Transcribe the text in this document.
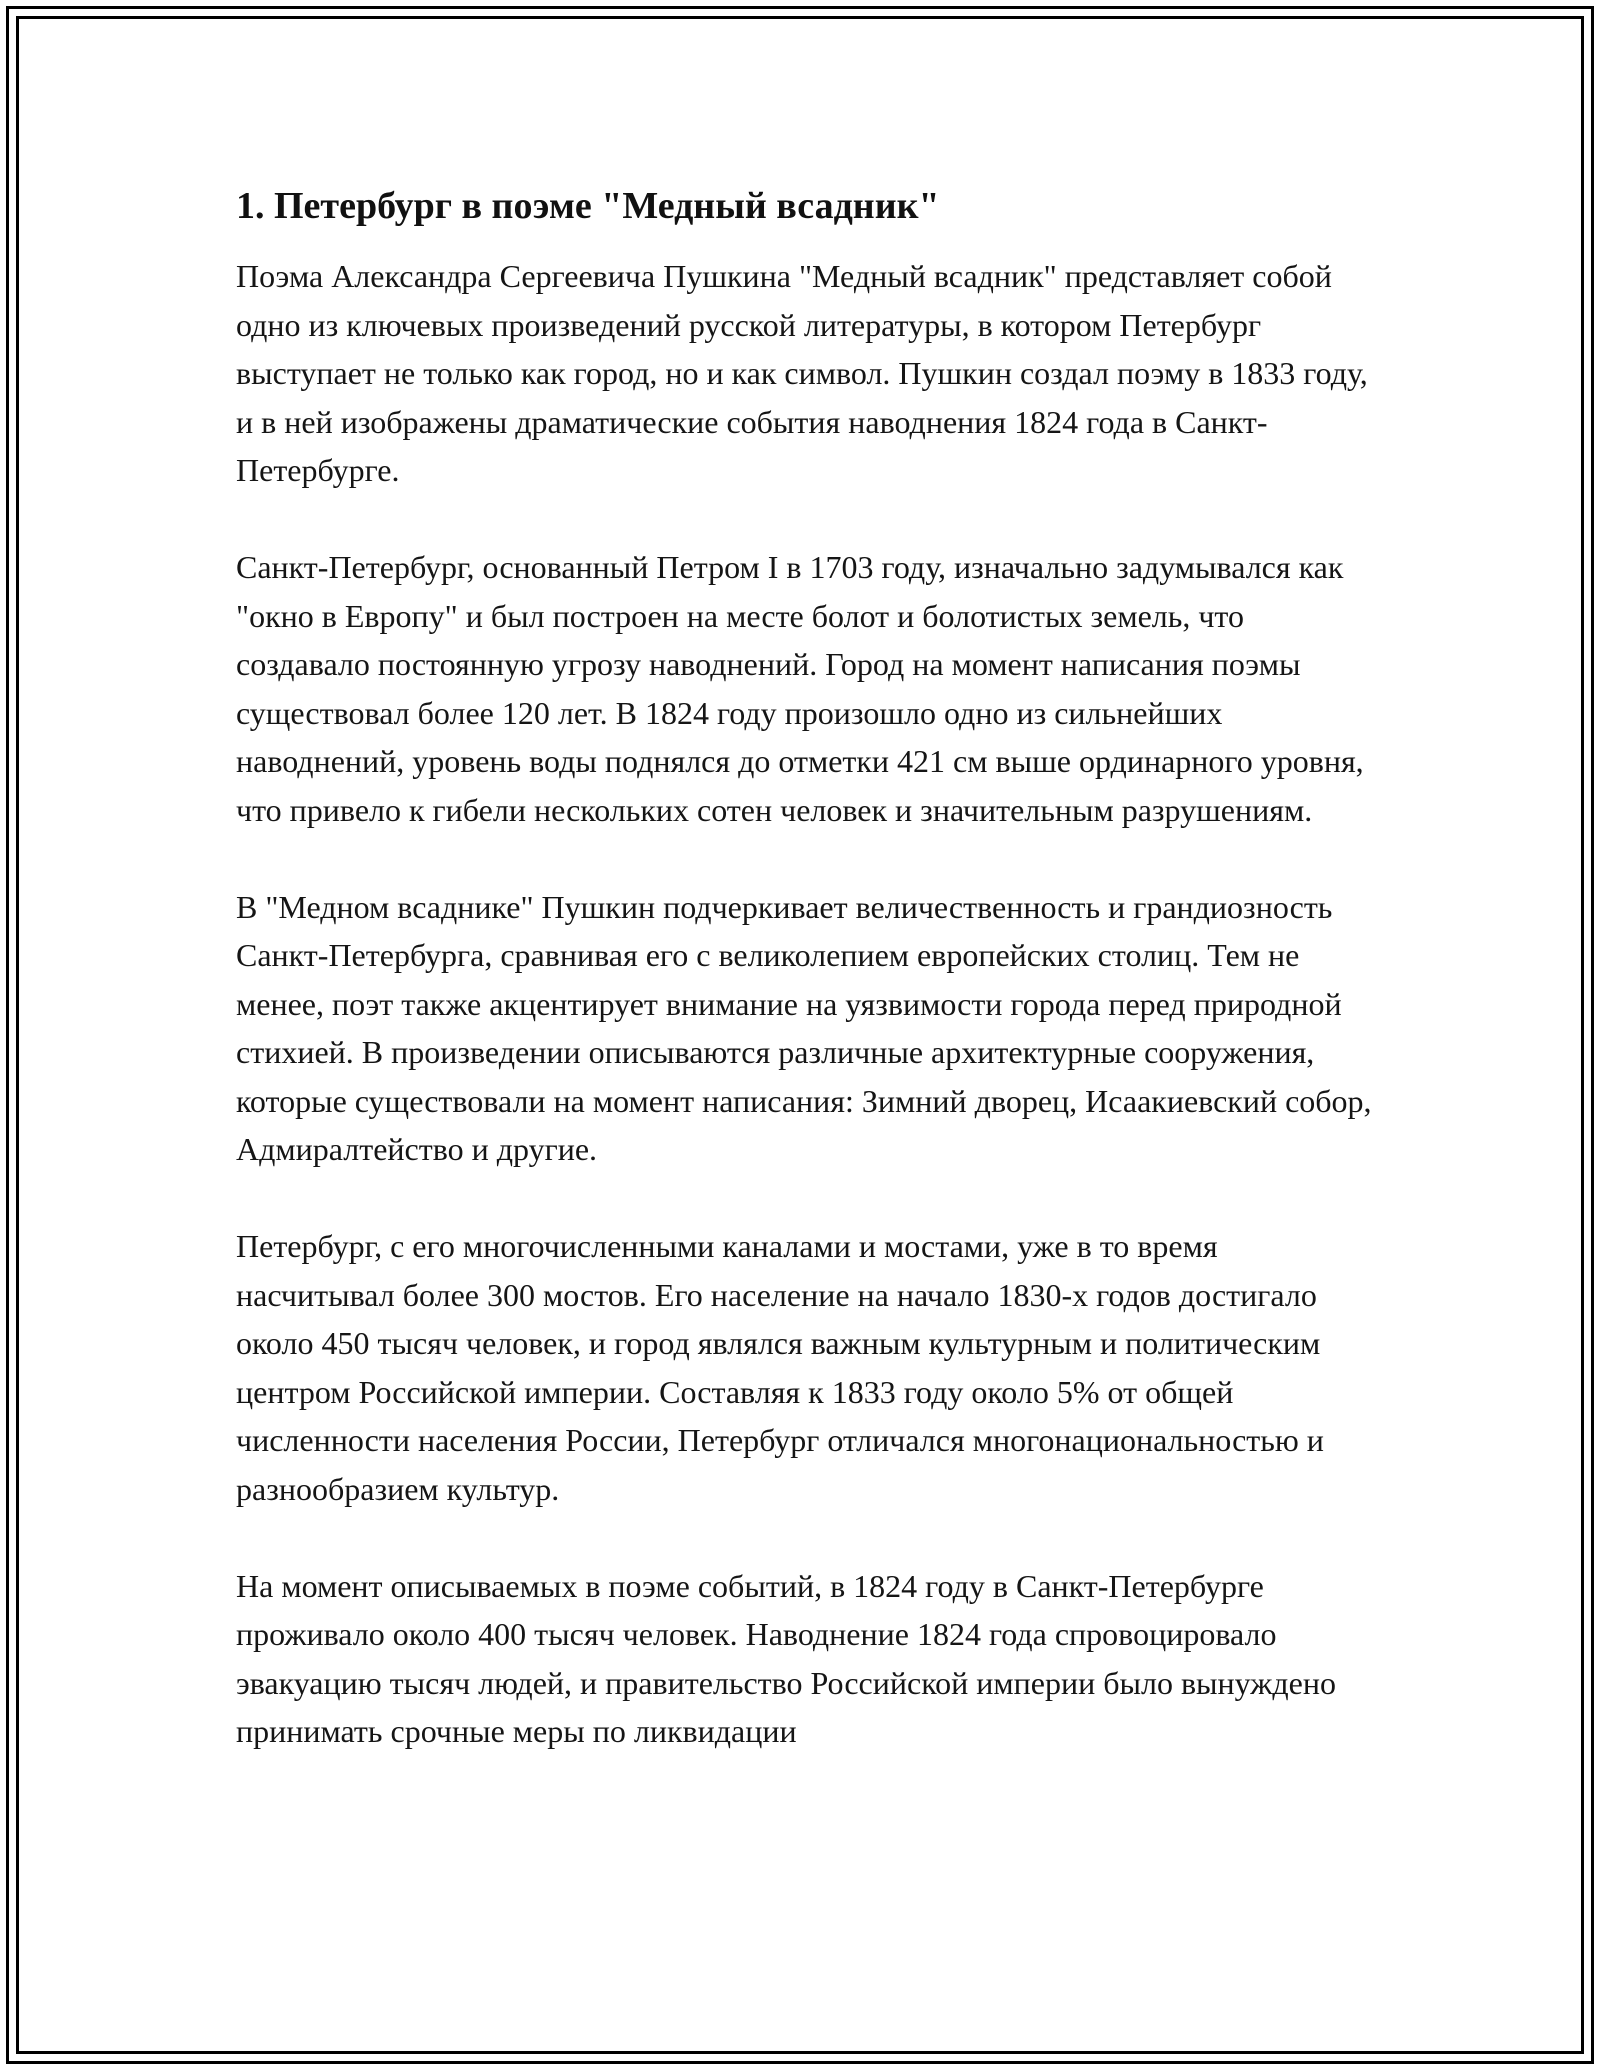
1. Петербург в поэме "Медный всадник"

Поэма Александра Сергеевича Пушкина "Медный всадник" представляет собой одно из ключевых произведений русской литературы, в котором Петербург выступает не только как город, но и как символ. Пушкин создал поэму в 1833 году, и в ней изображены драматические события наводнения 1824 года в Санкт-Петербурге.

Санкт-Петербург, основанный Петром I в 1703 году, изначально задумывался как "окно в Европу" и был построен на месте болот и болотистых земель, что создавало постоянную угрозу наводнений. Город на момент написания поэмы существовал более 120 лет. В 1824 году произошло одно из сильнейших наводнений, уровень воды поднялся до отметки 421 см выше ординарного уровня, что привело к гибели нескольких сотен человек и значительным разрушениям.

В "Медном всаднике" Пушкин подчеркивает величественность и грандиозность Санкт-Петербурга, сравнивая его с великолепием европейских столиц. Тем не менее, поэт также акцентирует внимание на уязвимости города перед природной стихией. В произведении описываются различные архитектурные сооружения, которые существовали на момент написания: Зимний дворец, Исаакиевский собор, Адмиралтейство и другие.

Петербург, с его многочисленными каналами и мостами, уже в то время насчитывал более 300 мостов. Его население на начало 1830-х годов достигало около 450 тысяч человек, и город являлся важным культурным и политическим центром Российской империи. Составляя к 1833 году около 5% от общей численности населения России, Петербург отличался многонациональностью и разнообразием культур.

На момент описываемых в поэме событий, в 1824 году в Санкт-Петербурге проживало около 400 тысяч человек. Наводнение 1824 года спровоцировало эвакуацию тысяч людей, и правительство Российской империи было вынуждено принимать срочные меры по ликвидации
